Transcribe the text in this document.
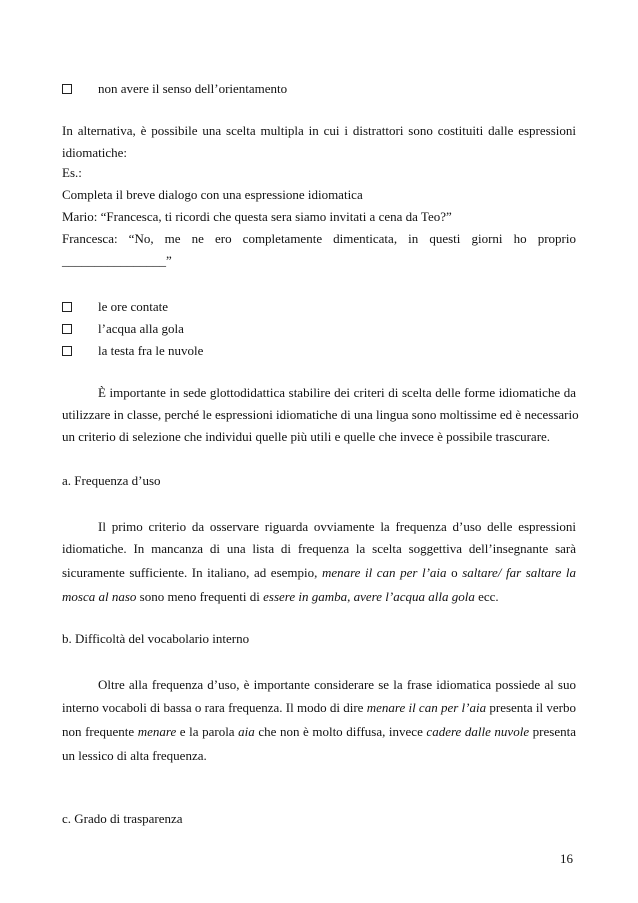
non avere il senso dell’orientamento
In alternativa, è possibile una scelta multipla in cui i distrattori sono costituiti dalle espressioni
idiomatiche:
Es.:
Completa il breve dialogo con una espressione idiomatica
Mario: “Francesca, ti ricordi che questa sera siamo invitati a cena da Teo?”
Francesca: “No, me ne ero completamente dimenticata, in questi giorni ho proprio
________________”
le ore contate
l’acqua alla gola
la testa fra le nuvole
È importante in sede glottodidattica stabilire dei criteri di scelta delle forme idiomatiche da
utilizzare in classe, perché le espressioni idiomatiche di una lingua sono moltissime ed è necessario
un criterio di selezione che individui quelle più utili e quelle che invece è possibile trascurare.
a. Frequenza d’uso
Il primo criterio da osservare riguarda ovviamente la frequenza d’uso delle espressioni
idiomatiche. In mancanza di una lista di frequenza la scelta soggettiva dell’insegnante sarà
sicuramente sufficiente. In italiano, ad esempio, menare il can per l’aia o saltare/ far saltare la
mosca al naso sono meno frequenti di essere in gamba, avere l’acqua alla gola ecc.
b. Difficoltà del vocabolario interno
Oltre alla frequenza d’uso, è importante considerare se la frase idiomatica possiede al suo
interno vocaboli di bassa o rara frequenza. Il modo di dire menare il can per l’aia presenta il verbo
non frequente menare e la parola aia che non è molto diffusa, invece cadere dalle nuvole presenta
un lessico di alta frequenza.
c. Grado di trasparenza
16
